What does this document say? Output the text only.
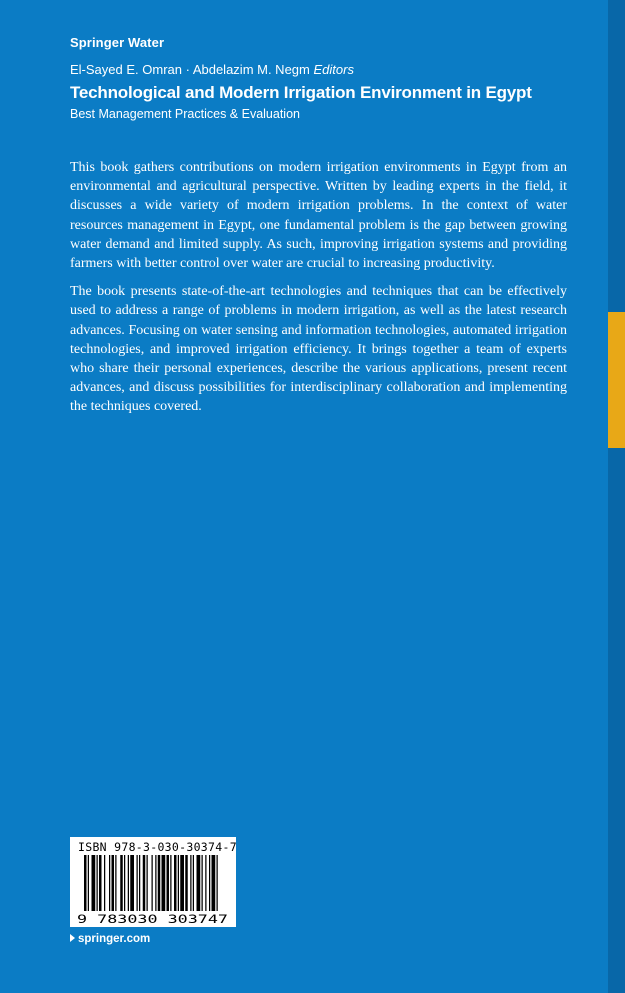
Springer Water
El-Sayed E. Omran · Abdelazim M. Negm Editors
Technological and Modern Irrigation Environment in Egypt
Best Management Practices & Evaluation

This book gathers contributions on modern irrigation environments in Egypt from an environmental and agricultural perspective. Written by leading experts in the field, it discusses a wide variety of modern irrigation problems. In the context of water resources management in Egypt, one fundamental problem is the gap between growing water demand and limited supply. As such, improving irrigation systems and providing farmers with better control over water are crucial to increasing productivity.

The book presents state-of-the-art technologies and techniques that can be effectively used to address a range of problems in modern irrigation, as well as the latest research advances. Focusing on water sensing and information technologies, automated irrigation technologies, and improved irrigation efficiency. It brings together a team of experts who share their personal experiences, describe the various applications, present recent advances, and discuss possibilities for interdisciplinary collaboration and implementing the techniques covered.

ISBN 978-3-030-30374-7
9 783030 303747
springer.com
